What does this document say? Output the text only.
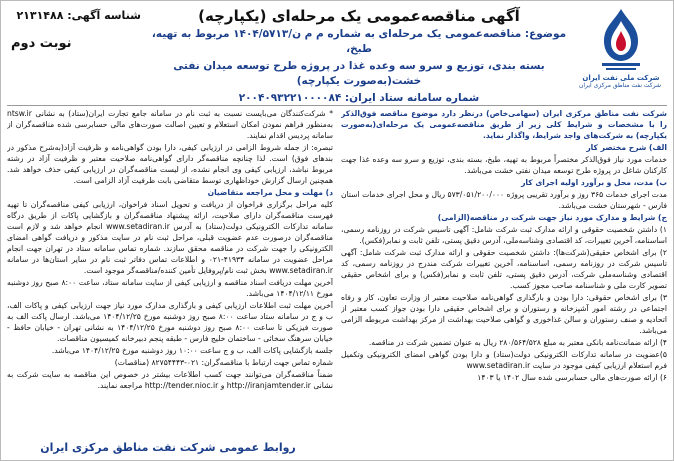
شرکت ملی نفت ایران
شرکت نفت مناطق مرکزی ایران
شناسه آگهی: ۲۱۳۱۴۸۸
نوبت دوم
آگهی مناقصه‌عمومی یک مرحله‌ای (یکپارچه)
موضوع: مناقصه‌عمومی یک مرحله‌ای به شماره م م ن/۱۴۰۴/۵۷۱۳ مربوط به تهیه، طبخ،
بسته بندی، توزیع و سرو سه وعده غذا در پروژه طرح توسعه میدان نفتی خشت(به‌صورت یکپارچه)
شماره سامانه ستاد ایران: ۲۰۰۴۰۹۳۲۲۱۰۰۰۰۸۴

شرکت نفت مناطق مرکزی ایران (سهامی‌خاص) در‌نظر دارد موضوع مناقصه فوق‌الذکر را با مشخصات و شرایط کلی زیر از طریق مناقصه‌عمومی یک مرحله‌ای(به‌صورت یکپارچه) به شرکت‌های واجد شرایط، واگذار نماید.

الف) شرح مختصر کار

خدمات مورد نیاز فوق‌الذکر مختصراً مربوط به تهیه، طبخ، بسته بندی، توزیع و سرو سه وعده غذا جهت کارکنان شاغل در پروژه طرح توسعه میدان نفتی خشت می‌باشد.

ب) مدت، محل و برآورد اولیه اجرای کار

مدت اجرای خدمات ۳۶۵ روز و برآورد تقریبی پروژه ۵۷۳/۰۵۱/۲۰۰/۰۰۰ ریال و محل اجرای خدمات استان فارس - شهرستان خشت می‌باشد.

ج) شرایط و مدارک مورد نیاز جهت شرکت در مناقصه(الزامی)

۱) داشتن شخصیت حقوقی و ارائه مدارک ثبت شرکت شامل: آگهی تاسیس شرکت در روزنامه رسمی، اساسنامه، آخرین تغییرات، کد اقتصادی وشناسه‌ملی، آدرس دقیق پستی، تلفن ثابت و نمابر(فکس).

۲) برای اشخاص حقیقی(شرکت‌ها): داشتن شخصیت حقوقی و ارائه مدارک ثبت شرکت شامل: آگهی تاسیس شرکت در روزنامه رسمی، اساسنامه، آخرین تغییرات شرکت مندرج در روزنامه رسمی، کد اقتصادی وشناسه‌ملی شرکت، آدرس دقیق پستی، تلفن ثابت و نمابر(فکس) و برای اشخاص حقیقی تصویر کارت ملی و شناسنامه صاحب مجوز کسب.

۳) برای اشخاص حقوقی: دارا بودن و بارگذاری گواهی‌نامه صلاحیت معتبر از وزارت تعاون، کار و رفاه اجتماعی در رشته امور آشپزخانه و رستوران و برای اشخاص حقیقی دارا بودن جواز کسب معتبر از اتحادیه و صنف رستوران و سالن غذاخوری و گواهی صلاحیت بهداشت از مرکز بهداشت مربوطه الزامی می‌باشد.

۴) ارائه ضمانت‌نامه بانکی معتبر به مبلغ ۲۸۰/۵۶۴/۵۲۸ ریال به عنوان تضمین شرکت در مناقصه.

۵)عضویت در سامانه تدارکات الکترونیکی دولت(ستاد) و دارا بودن گواهی امضای الکترونیکی وتکمیل فرم استعلام ارزیابی کیفی موجود در سایت www.setadiran.ir

۶) ارائه صورت‌های مالی حسابرسی شده سال ۱۴۰۲ یا ۱۴۰۳

* شرکت‌کنندگان می‌بایست نسبت به ثبت نام در سامانه جامع تجارت ایران(ستاد) به نشانی ntsw.ir به‌منظور فراهم نمودن امکان استعلام و تعیین اصالت صورت‌های مالی حسابرسی شده مناقصه‌گران از سامانه پردیس اقدام نمایند.

تبصره: از جمله شروط الزامی در ارزیابی کیفی، دارا بودن گواهی‌نامه و ظرفیت آزاد(به‌شرح مذکور در بندهای فوق) است. لذا چنانچه مناقصه‌گر دارای گواهی‌نامه صلاحیت معتبر و ظرفیت آزاد در رشته مربوط نباشد، ارزیابی کیفی وی انجام نشده، از لیست مناقصه‌گران در ارزیابی کیفی حذف خواهد شد. همچنین ارسال گزارش خوداظهاری توسط متقاضی بابت ظرفیت آزاد الزامی است.

د) مهلت و محل مراجعه متقاضیان

کلیه مراحل برگزاری فراخوان از دریافت و تحویل اسناد فراخوان، ارزیابی کیفی مناقصه‌گران تا تهیه فهرست مناقصه‌گران دارای صلاحیت، ارائه پیشنهاد مناقصه‌گران و بازگشایی پاکات از طریق درگاه سامانه تدارکات الکترونیکی دولت(ستاد) به آدرس www.setadiran.ir انجام خواهد شد و لازم است مناقصه‌گران درصورت عدم عضویت قبلی، مراحل ثبت نام در سایت مذکور و دریافت گواهی امضای الکترونیکی را جهت شرکت در مناقصه محقق سازند. شماره تماس سامانه ستاد در تهران جهت انجام مراحل عضویت در سامانه ۴۱۹۳۴-۰۲۱ و اطلاعات تماس دفاتر ثبت نام در سایر استان‌ها در سامانه www.setadiran.ir بخش ثبت نام/پروفایل تأمین کننده/مناقصه‌گر موجود است.

آخرین مهلت دریافت اسناد مناقصه و ارزیابی کیفی از سایت سامانه ستاد، ساعت ۸:۰۰ صبح روز دوشنبه مورخ ۱۴۰۴/۱۲/۱۱ می‌باشد.

آخرین مهلت ثبت اطلاعات ارزیابی کیفی و بارگذاری مدارک مورد نیاز جهت ارزیابی کیفی و پاکات الف، ب و ج در سامانه ستاد ساعت ۸:۰۰ صبح روز دوشنبه مورخ ۱۴۰۴/۱۲/۲۵ می‌باشد. ارسال پاکت الف به صورت فیزیکی تا ساعت ۸:۰۰ صبح روز دوشنبه مورخ ۱۴۰۴/۱۲/۲۵ به نشانی تهران - خیابان حافظ - خیابان سرهنگ سخائی - ساختمان خلیج فارس - طبقه پنجم دبیرخانه کمیسیون مناقصات.

جلسه بازگشایی پاکات الف، ب و ج ساعت ۱۰:۰۰ روز دوشنبه مورخ ۱۴۰۴/۱۲/۲۵ می‌باشد.

شماره تماس جهت ارتباط با مناقصه‌گران: ۰۲۱-۸۲۷۵۴۴۴۳ (مناقصات)

ضمناً مناقصه‌گران می‌توانند جهت کسب اطلاعات بیشتر در خصوص این مناقصه به سایت شرکت به نشانی http://iranjamtender.ir و http://tender.nioc.ir مراجعه نمایند.

روابط عمومی شرکت نفت مناطق مرکزی ایران
